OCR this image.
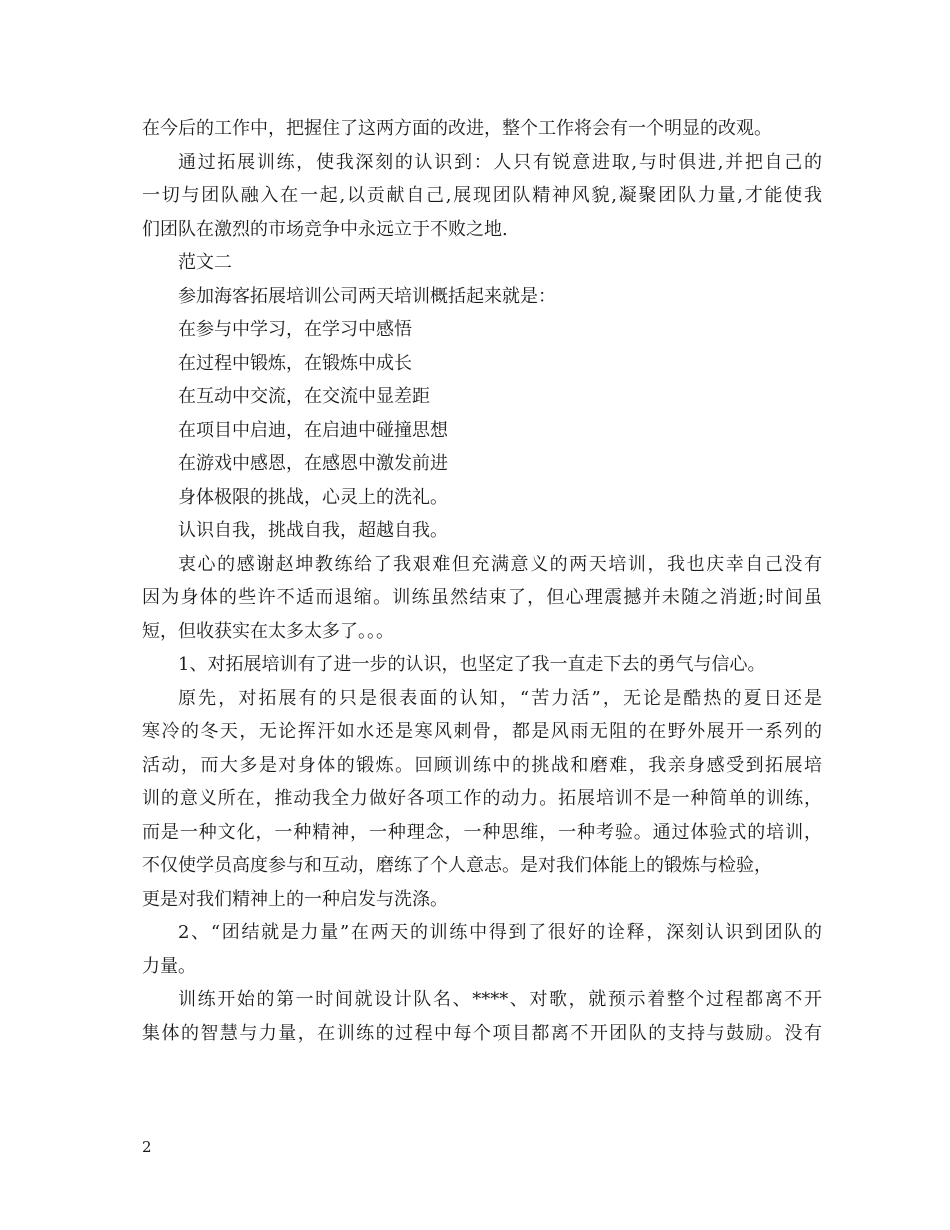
在今后的工作中，把握住了这两方面的改进，整个工作将会有一个明显的改观。
通过拓展训练，使我深刻的认识到：人只有锐意进取,与时俱进,并把自己的
一切与团队融入在一起,以贡献自己,展现团队精神风貌,凝聚团队力量,才能使我
们团队在激烈的市场竞争中永远立于不败之地.
范文二
参加海客拓展培训公司两天培训概括起来就是：
在参与中学习，在学习中感悟
在过程中锻炼，在锻炼中成长
在互动中交流，在交流中显差距
在项目中启迪，在启迪中碰撞思想
在游戏中感恩，在感恩中激发前进
身体极限的挑战，心灵上的洗礼。
认识自我，挑战自我，超越自我。
衷心的感谢赵坤教练给了我艰难但充满意义的两天培训，我也庆幸自己没有
因为身体的些许不适而退缩。训练虽然结束了，但心理震撼并未随之消逝;时间虽
短，但收获实在太多太多了。。。
1、对拓展培训有了进一步的认识，也坚定了我一直走下去的勇气与信心。
原先，对拓展有的只是很表面的认知，“苦力活”，无论是酷热的夏日还是
寒冷的冬天，无论挥汗如水还是寒风刺骨，都是风雨无阻的在野外展开一系列的
活动，而大多是对身体的锻炼。回顾训练中的挑战和磨难，我亲身感受到拓展培
训的意义所在，推动我全力做好各项工作的动力。拓展培训不是一种简单的训练，
而是一种文化，一种精神，一种理念，一种思维，一种考验。通过体验式的培训，
不仅使学员高度参与和互动，磨练了个人意志。是对我们体能上的锻炼与检验，
更是对我们精神上的一种启发与洗涤。
2、“团结就是力量”在两天的训练中得到了很好的诠释，深刻认识到团队的
力量。
训练开始的第一时间就设计队名、****、对歌，就预示着整个过程都离不开
集体的智慧与力量，在训练的过程中每个项目都离不开团队的支持与鼓励。没有
2
